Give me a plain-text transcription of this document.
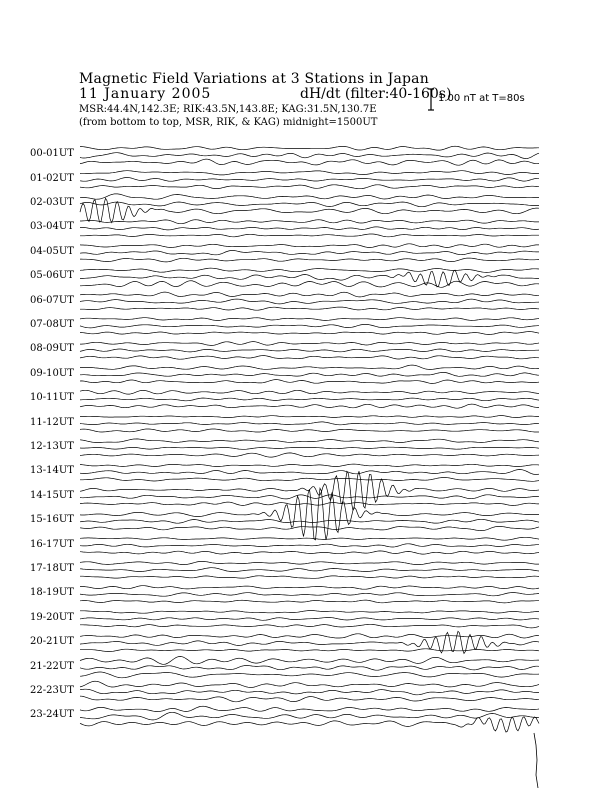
Magnetic Field Variations at 3 Stations in Japan
11 January 2005	dH/dt (filter:40-160s)
MSR:44.4N,142.3E; RIK:43.5N,143.8E; KAG:31.5N,130.7E
(from bottom to top, MSR, RIK, & KAG) midnight=1500UT
1.00 nT at T=80s
00-01UT
01-02UT
02-03UT
03-04UT
04-05UT
05-06UT
06-07UT
07-08UT
08-09UT
09-10UT
10-11UT
11-12UT
12-13UT
13-14UT
14-15UT
15-16UT
16-17UT
17-18UT
18-19UT
19-20UT
20-21UT
21-22UT
22-23UT
23-24UT
